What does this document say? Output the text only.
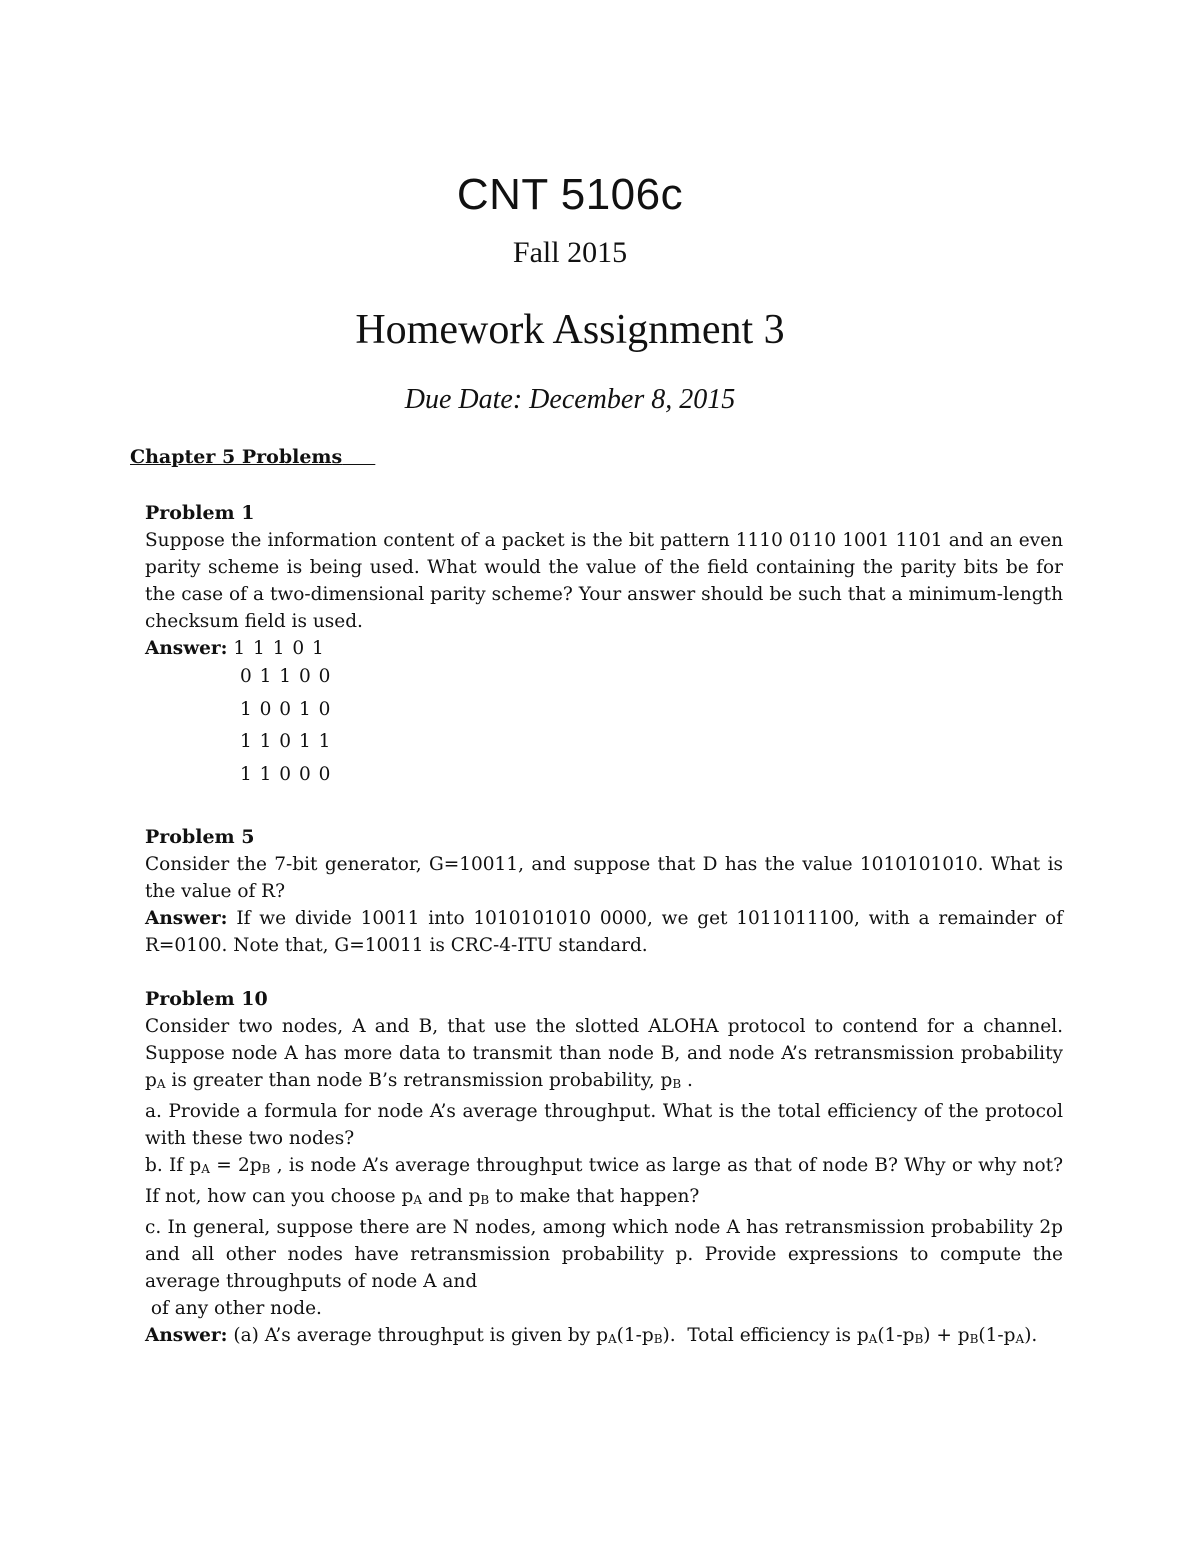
CNT 5106c
Fall 2015
Homework Assignment 3
Due Date: December 8, 2015
Chapter 5 Problems
Problem 1
Suppose the information content of a packet is the bit pattern 1110 0110 1001 1101 and an even parity scheme is being used. What would the value of the field containing the parity bits be for the case of a two-dimensional parity scheme? Your answer should be such that a minimum-length checksum field is used.
Answer: 1 1 1 0 1
0 1 1 0 0
1 0 0 1 0
1 1 0 1 1
1 1 0 0 0
Problem 5
Consider the 7-bit generator, G=10011, and suppose that D has the value 1010101010. What is the value of R?
Answer: If we divide 10011 into 1010101010 0000, we get 1011011100, with a remainder of R=0100. Note that, G=10011 is CRC-4-ITU standard.
Problem 10
Consider two nodes, A and B, that use the slotted ALOHA protocol to contend for a channel. Suppose node A has more data to transmit than node B, and node A’s retransmission probability $p_A$ is greater than node B’s retransmission probability, $p_B$ .
a. Provide a formula for node A’s average throughput. What is the total efficiency of the protocol with these two nodes?
b. If $p_A = 2p_B$ , is node A’s average throughput twice as large as that of node B? Why or why not? If not, how can you choose $p_A$ and $p_B$ to make that happen?
c. In general, suppose there are N nodes, among which node A has retransmission probability 2p and all other nodes have retransmission probability p. Provide expressions to compute the average throughputs of node A and
of any other node.
Answer: (a) A’s average throughput is given by $p_A(1-p_B)$.  Total efficiency is $p_A(1-p_B) + p_B(1-p_A)$.
